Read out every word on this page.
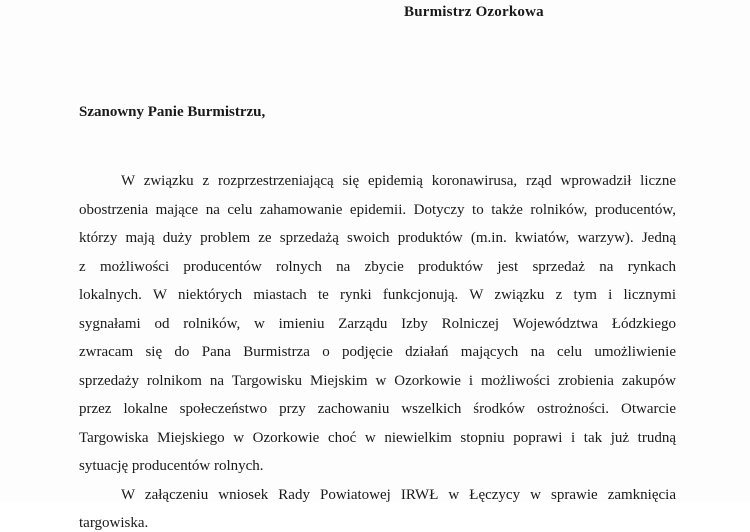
Burmistrz Ozorkowa
Szanowny Panie Burmistrzu,
W związku z rozprzestrzeniającą się epidemią koronawirusa, rząd wprowadził liczne
obostrzenia mające na celu zahamowanie epidemii. Dotyczy to także rolników, producentów,
którzy mają duży problem ze sprzedażą swoich produktów (m.in. kwiatów, warzyw). Jedną
z możliwości producentów rolnych na zbycie produktów jest sprzedaż na rynkach
lokalnych. W niektórych miastach te rynki funkcjonują. W związku z tym i licznymi
sygnałami od rolników, w imieniu Zarządu Izby Rolniczej Województwa Łódzkiego
zwracam się do Pana Burmistrza o podjęcie działań mających na celu umożliwienie
sprzedaży rolnikom na Targowisku Miejskim w Ozorkowie i możliwości zrobienia zakupów
przez lokalne społeczeństwo przy zachowaniu wszelkich środków ostrożności. Otwarcie
Targowiska Miejskiego w Ozorkowie choć w niewielkim stopniu poprawi i tak już trudną
sytuację producentów rolnych.
W załączeniu wniosek Rady Powiatowej IRWŁ w Łęczycy w sprawie zamknięcia
targowiska.
